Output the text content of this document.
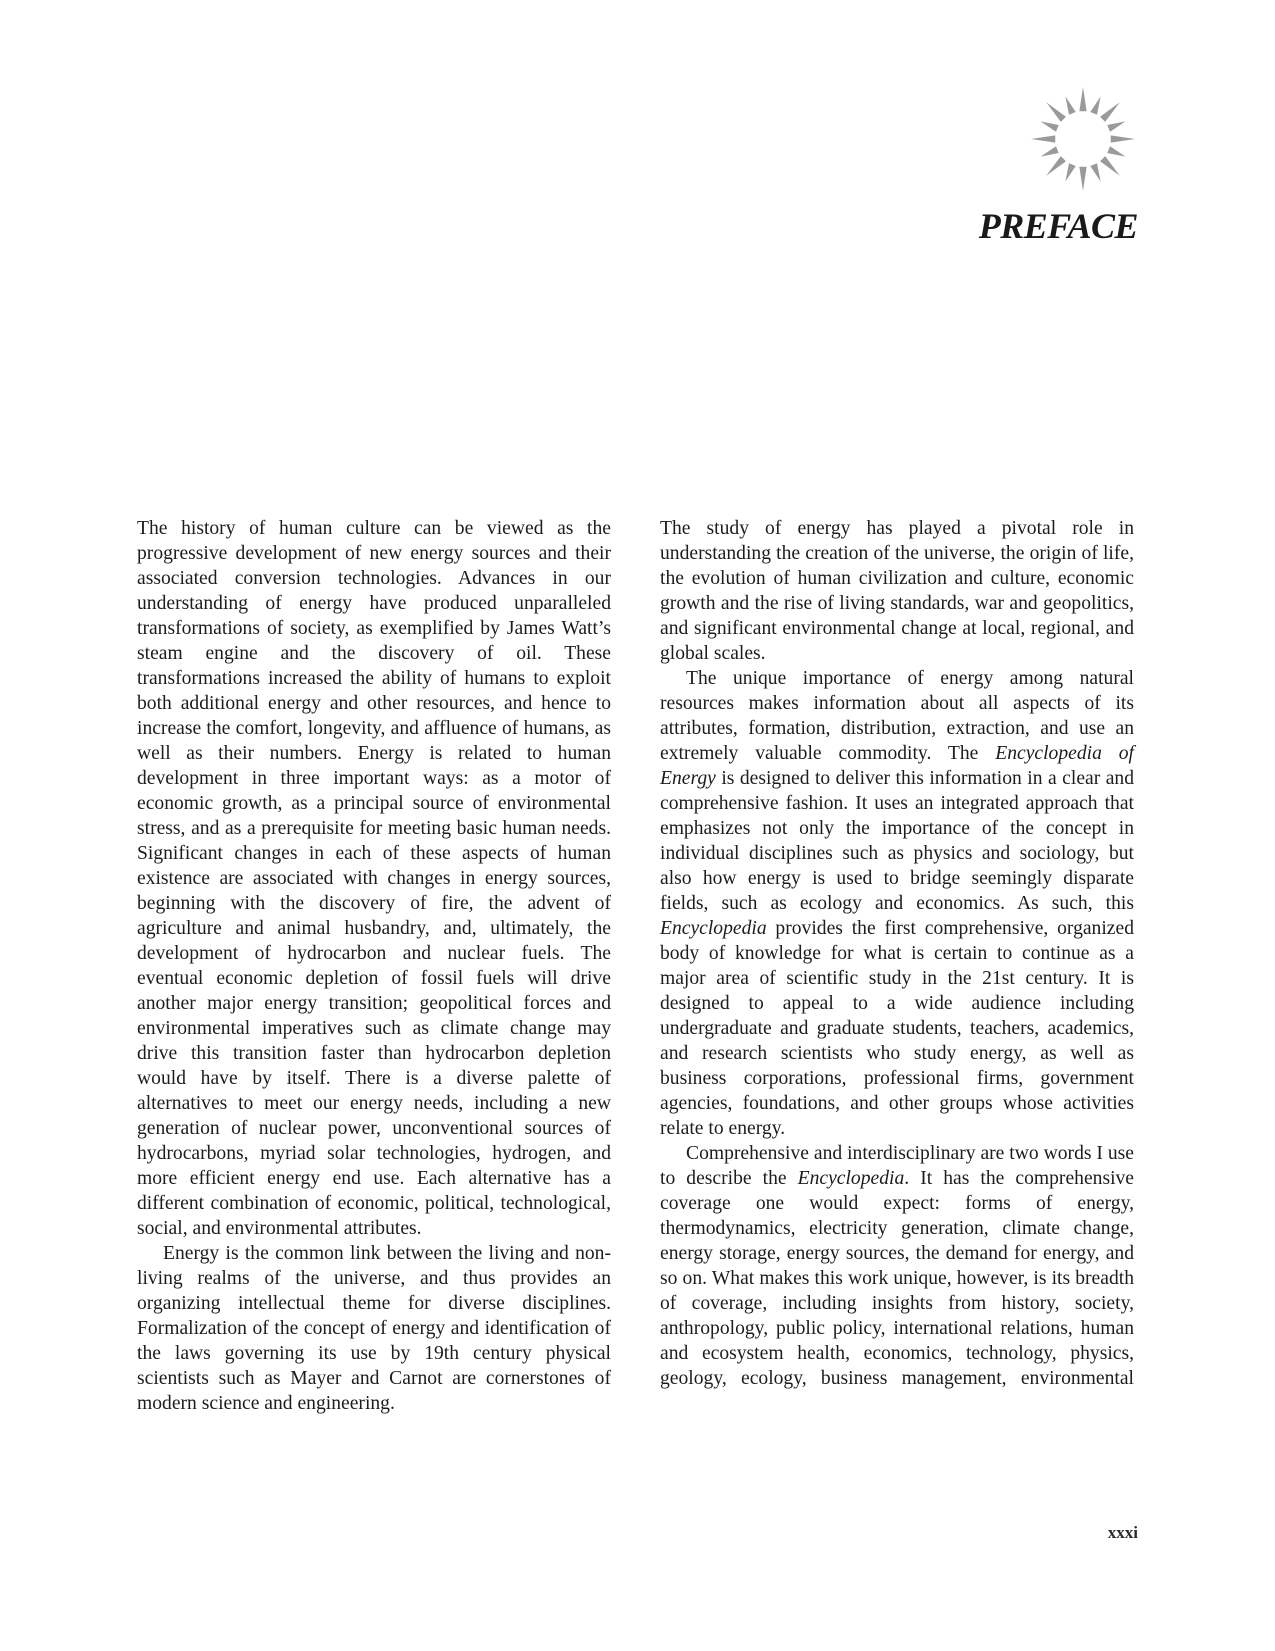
PREFACE

The history of human culture can be viewed as the progressive development of new energy sources and their associated conversion technologies. Advances in our understanding of energy have produced unparalleled transformations of society, as exemplified by James Watt’s steam engine and the discovery of oil. These transformations increased the ability of humans to exploit both additional energy and other resources, and hence to increase the comfort, longevity, and affluence of humans, as well as their numbers. Energy is related to human development in three important ways: as a motor of economic growth, as a principal source of environmental stress, and as a prerequisite for meeting basic human needs. Significant changes in each of these aspects of human existence are associated with changes in energy sources, beginning with the discovery of fire, the advent of agriculture and animal husbandry, and, ultimately, the development of hydrocarbon and nuclear fuels. The eventual economic depletion of fossil fuels will drive another major energy transition; geopolitical forces and environmental imperatives such as climate change may drive this transition faster than hydrocarbon depletion would have by itself. There is a diverse palette of alternatives to meet our energy needs, including a new generation of nuclear power, unconventional sources of hydrocarbons, myriad solar technologies, hydrogen, and more efficient energy end use. Each alternative has a different combination of economic, political, technological, social, and environmental attributes.

Energy is the common link between the living and non-living realms of the universe, and thus provides an organizing intellectual theme for diverse disciplines. Formalization of the concept of energy and identification of the laws governing its use by 19th century physical scientists such as Mayer and Carnot are cornerstones of modern science and engineering.

The study of energy has played a pivotal role in understanding the creation of the universe, the origin of life, the evolution of human civilization and culture, economic growth and the rise of living standards, war and geopolitics, and significant environmental change at local, regional, and global scales.

The unique importance of energy among natural resources makes information about all aspects of its attributes, formation, distribution, extraction, and use an extremely valuable commodity. The Encyclopedia of Energy is designed to deliver this information in a clear and comprehensive fashion. It uses an integrated approach that emphasizes not only the importance of the concept in individual disciplines such as physics and sociology, but also how energy is used to bridge seemingly disparate fields, such as ecology and economics. As such, this Encyclopedia provides the first comprehensive, organized body of knowledge for what is certain to continue as a major area of scientific study in the 21st century. It is designed to appeal to a wide audience including undergraduate and graduate students, teachers, academics, and research scientists who study energy, as well as business corporations, professional firms, government agencies, foundations, and other groups whose activities relate to energy.

Comprehensive and interdisciplinary are two words I use to describe the Encyclopedia. It has the comprehensive coverage one would expect: forms of energy, thermodynamics, electricity generation, climate change, energy storage, energy sources, the demand for energy, and so on. What makes this work unique, however, is its breadth of coverage, including insights from history, society, anthropology, public policy, international relations, human and ecosystem health, economics, technology, physics, geology, ecology, business management, environmental

xxxi
